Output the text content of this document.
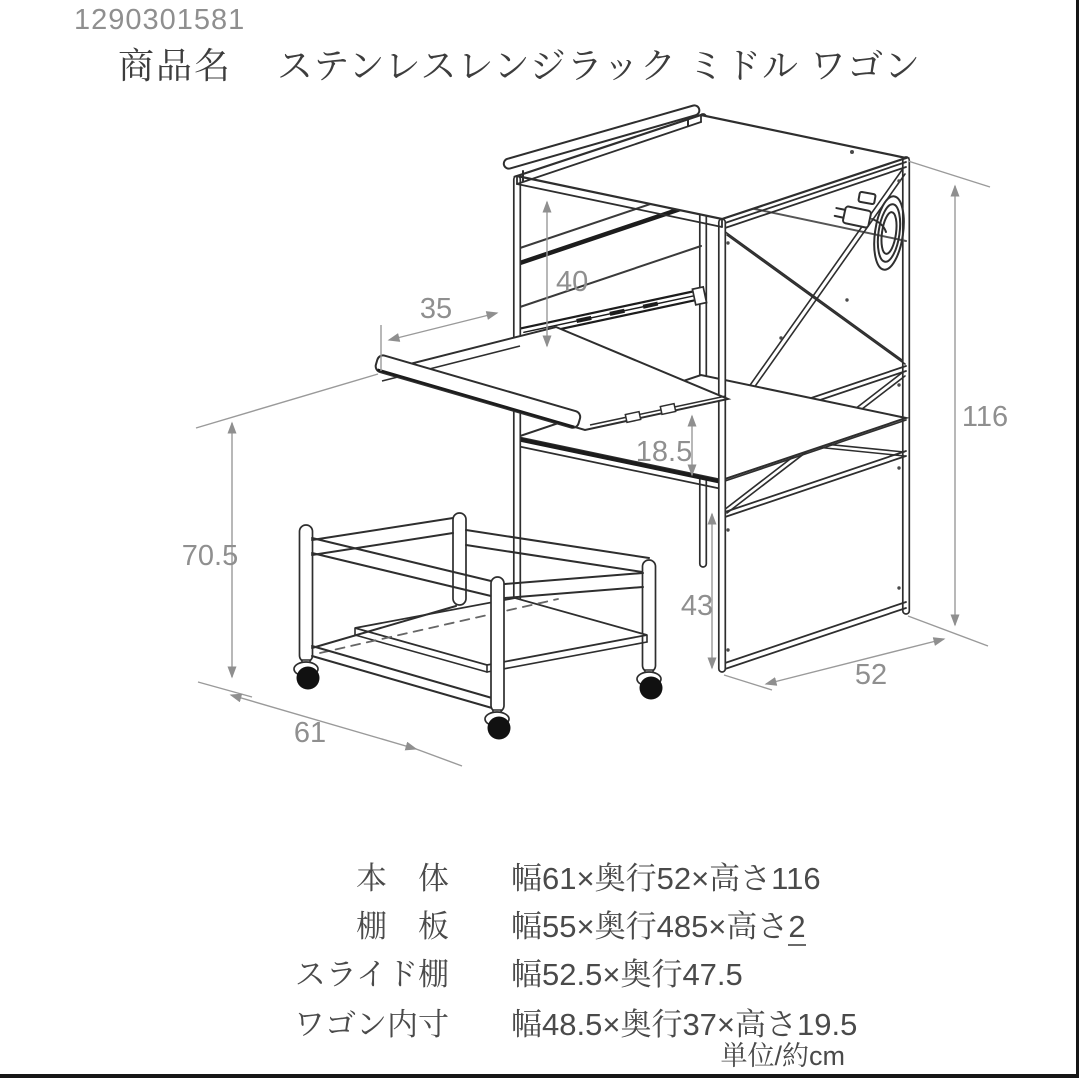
1290301581
商品名 ステンレスレンジラック ミドル ワゴン
40
35
18.5
43
70.5
61
52
116
本　体 幅61×奥行52×高さ116
棚　板 幅55×奥行485×高さ2
スライド棚 幅52.5×奥行47.5
ワゴン内寸 幅48.5×奥行37×高さ19.5
単位/約cm
